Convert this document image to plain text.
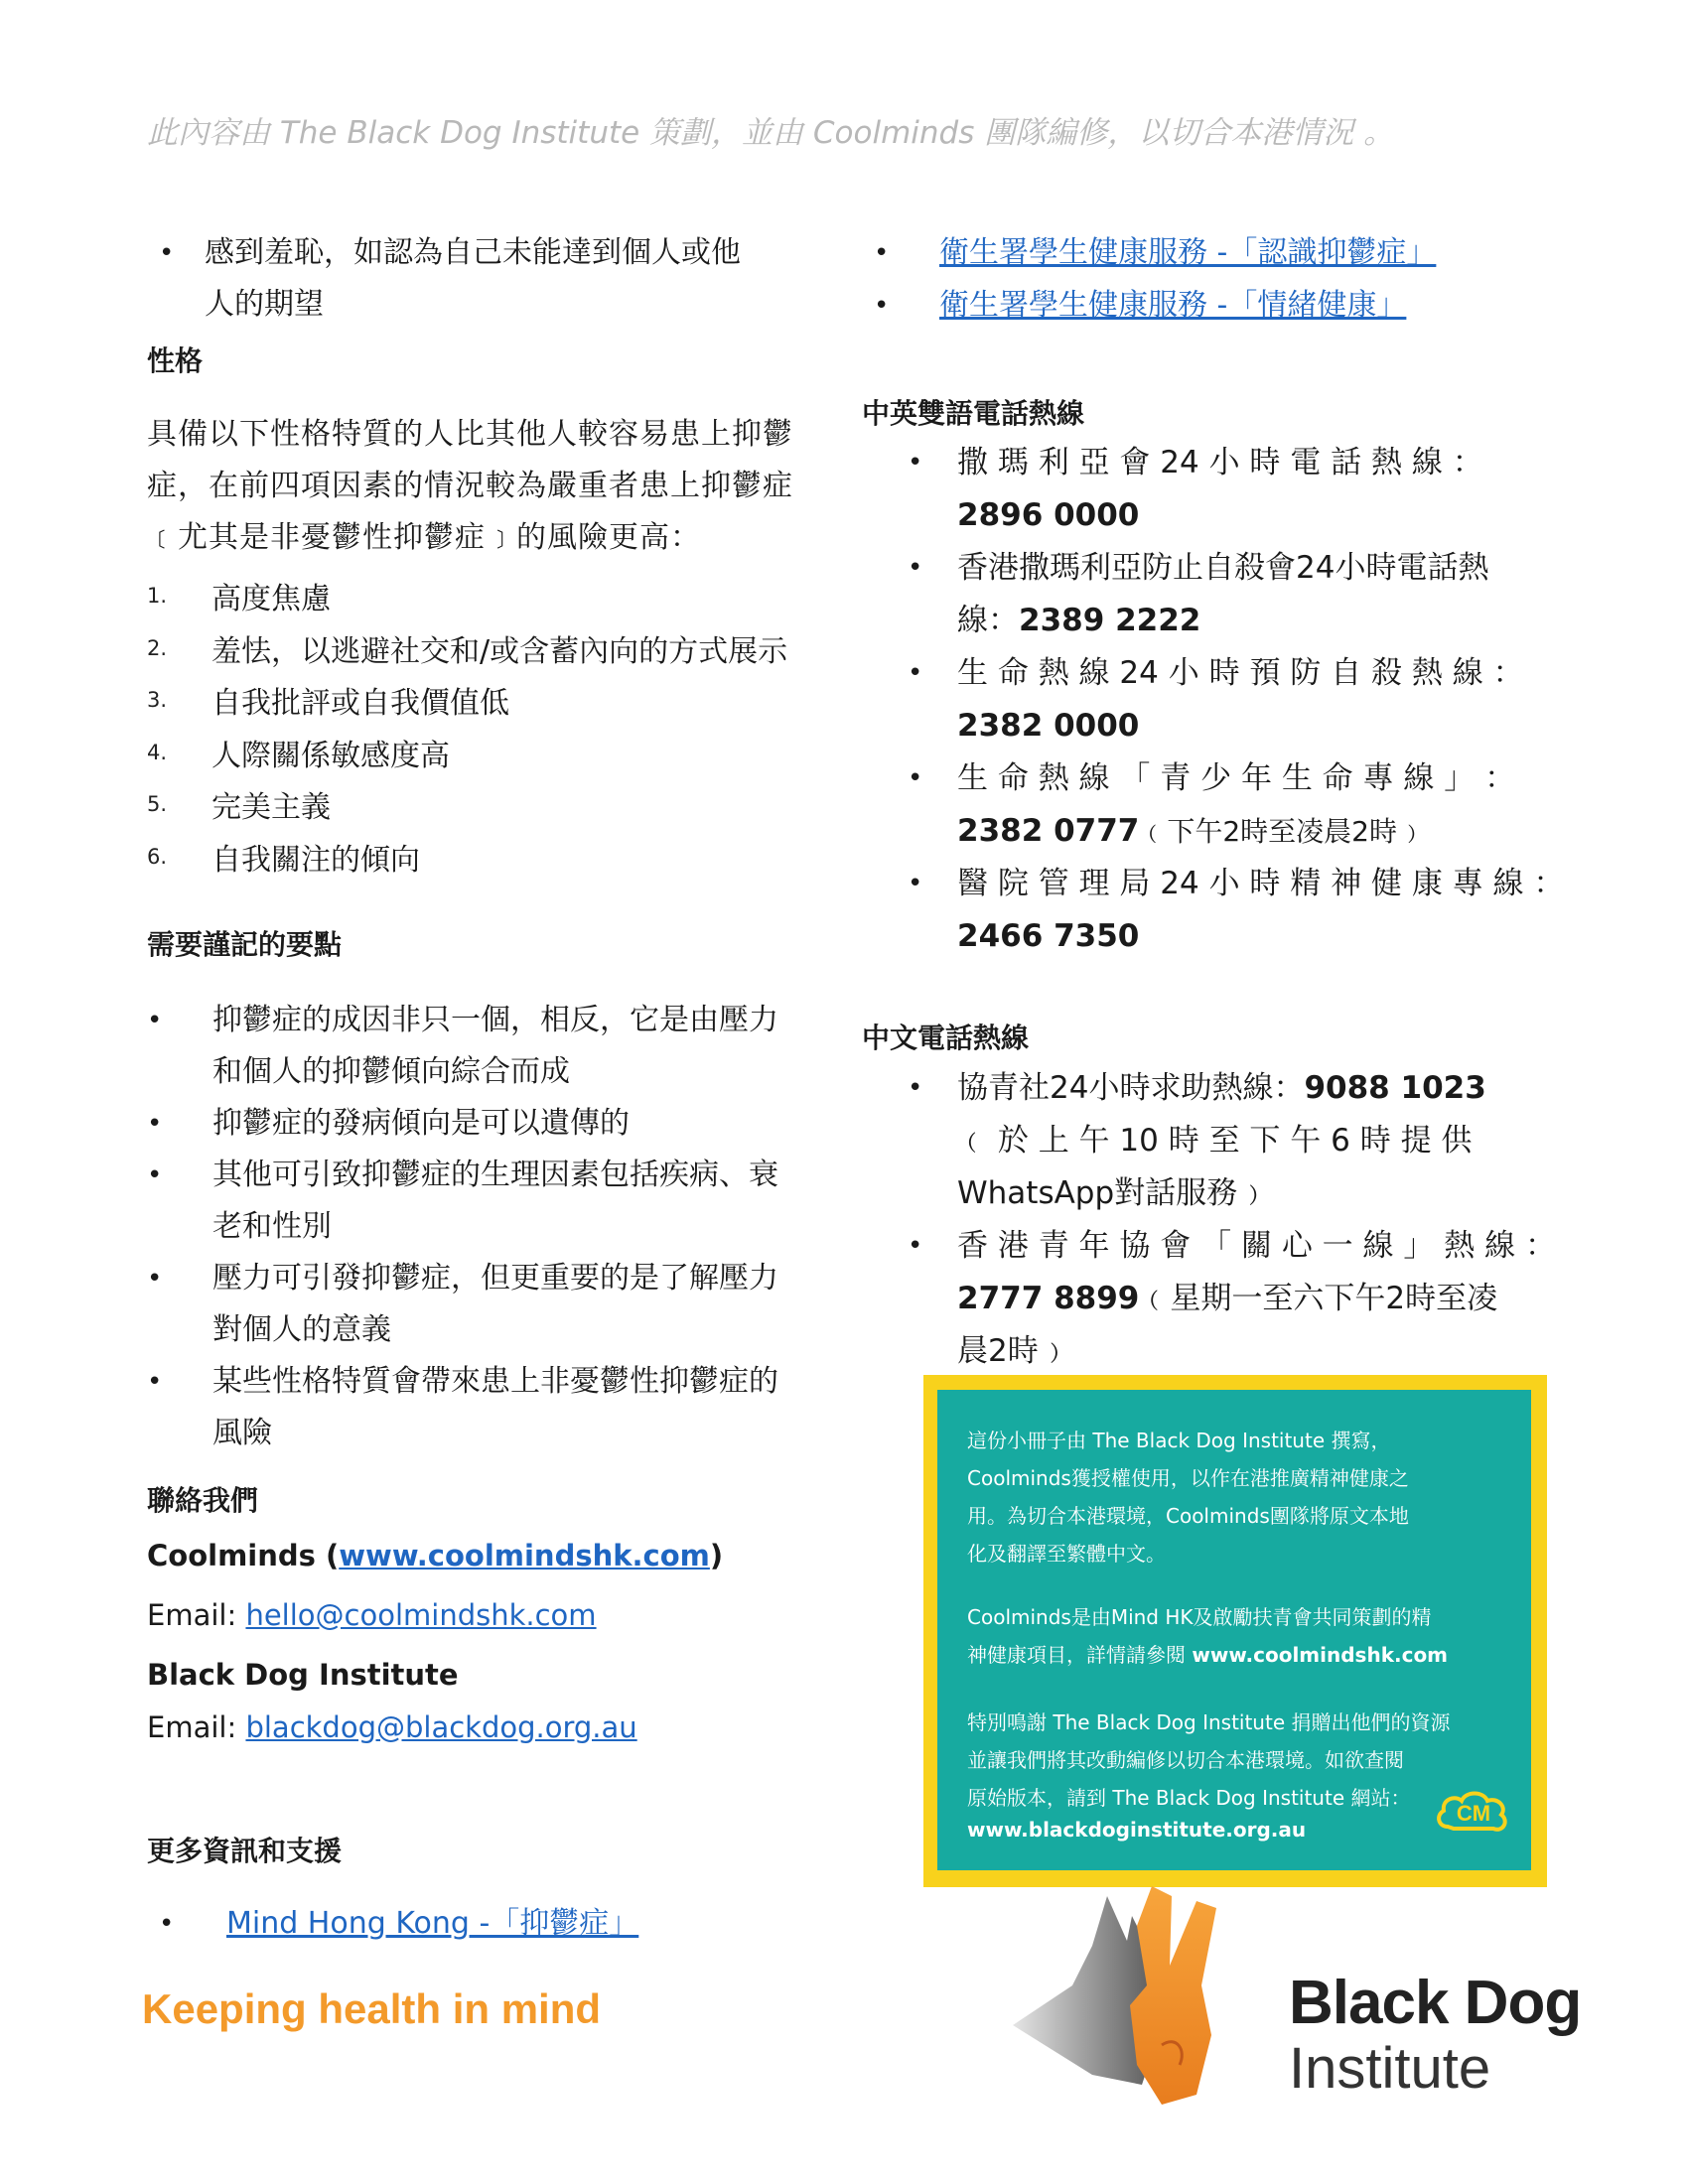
此內容由 The Black Dog Institute 策劃，並由 Coolminds 團隊編修，以切合本港情況 。
• 感到羞恥，如認為自己未能達到個人或他
人的期望
性格
具備以下性格特質的人比其他人較容易患上抑鬱
症，在前四項因素的情況較為嚴重者患上抑鬱症
﹝尤其是非憂鬱性抑鬱症﹞的風險更高：
1. 高度焦慮
2. 羞怯，以逃避社交和/或含蓄內向的方式展示
3. 自我批評或自我價值低
4. 人際關係敏感度高
5. 完美主義
6. 自我關注的傾向
需要謹記的要點
• 抑鬱症的成因非只一個，相反，它是由壓力
和個人的抑鬱傾向綜合而成
• 抑鬱症的發病傾向是可以遺傳的
• 其他可引致抑鬱症的生理因素包括疾病、衰
老和性別
• 壓力可引發抑鬱症，但更重要的是了解壓力
對個人的意義
• 某些性格特質會帶來患上非憂鬱性抑鬱症的
風險
聯絡我們
Coolminds (www.coolmindshk.com)
Email: hello@coolmindshk.com
Black Dog Institute
Email: blackdog@blackdog.org.au
更多資訊和支援
• Mind Hong Kong -「抑鬱症」
Keeping health in mind
• 衛生署學生健康服務 -「認識抑鬱症」
• 衛生署學生健康服務 -「情緒健康」
中英雙語電話熱線
• 撒 瑪 利 亞 會 24 小 時 電 話 熱 線 ：
2896 0000
• 香港撒瑪利亞防止自殺會24小時電話熱
線：2389 2222
• 生 命 熱 線 24 小 時 預 防 自 殺 熱 線 ：
2382 0000
• 生 命 熱 線 「 青 少 年 生 命 專 線 」 ：
2382 0777﹙下午2時至凌晨2時﹚
• 醫 院 管 理 局 24 小 時 精 神 健 康 專 線 ：
2466 7350
中文電話熱線
• 協青社24小時求助熱線：9088 1023
﹙ 於 上 午 10 時 至 下 午 6 時 提 供
WhatsApp對話服務﹚
• 香 港 青 年 協 會 「 關 心 一 線 」 熱 線 ：
2777 8899﹙星期一至六下午2時至凌
晨2時﹚
這份小冊子由 The Black Dog Institute 撰寫，
Coolminds獲授權使用，以作在港推廣精神健康之
用。為切合本港環境，Coolminds團隊將原文本地
化及翻譯至繁體中文。
Coolminds是由Mind HK及啟勵扶青會共同策劃的精
神健康項目，詳情請參閱 www.coolmindshk.com
特別鳴謝 The Black Dog Institute 捐贈出他們的資源
並讓我們將其改動編修以切合本港環境。如欲查閱
原始版本，請到 The Black Dog Institute 網站：
www.blackdoginstitute.org.au
CM
Black Dog
Institute
